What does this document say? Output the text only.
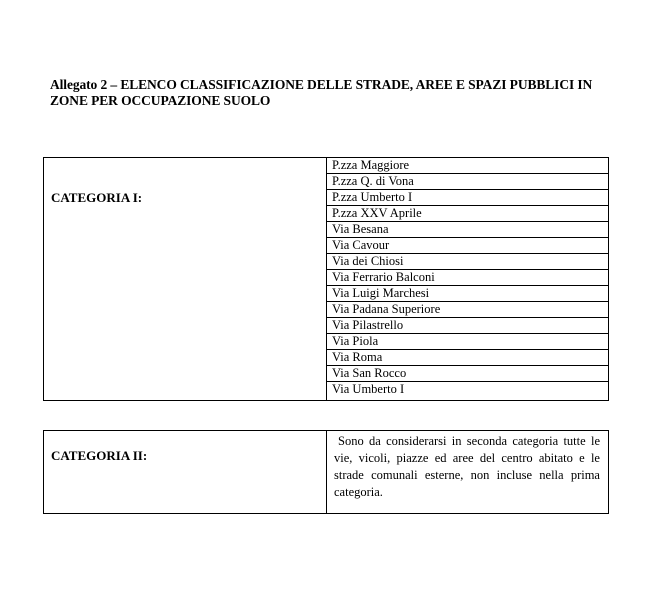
Allegato 2 – ELENCO CLASSIFICAZIONE DELLE STRADE, AREE E SPAZI PUBBLICI IN ZONE PER OCCUPAZIONE SUOLO
CATEGORIA I:
P.zza Maggiore
P.zza Q. di Vona
P.zza Umberto I
P.zza XXV Aprile
Via Besana
Via Cavour
Via dei Chiosi
Via Ferrario Balconi
Via Luigi Marchesi
Via Padana Superiore
Via Pilastrello
Via Piola
Via Roma
Via San Rocco
Via Umberto I
CATEGORIA II:

Sono da considerarsi in seconda categoria tutte le vie, vicoli, piazze ed aree del centro abitato e le strade comunali esterne, non incluse nella prima categoria.
